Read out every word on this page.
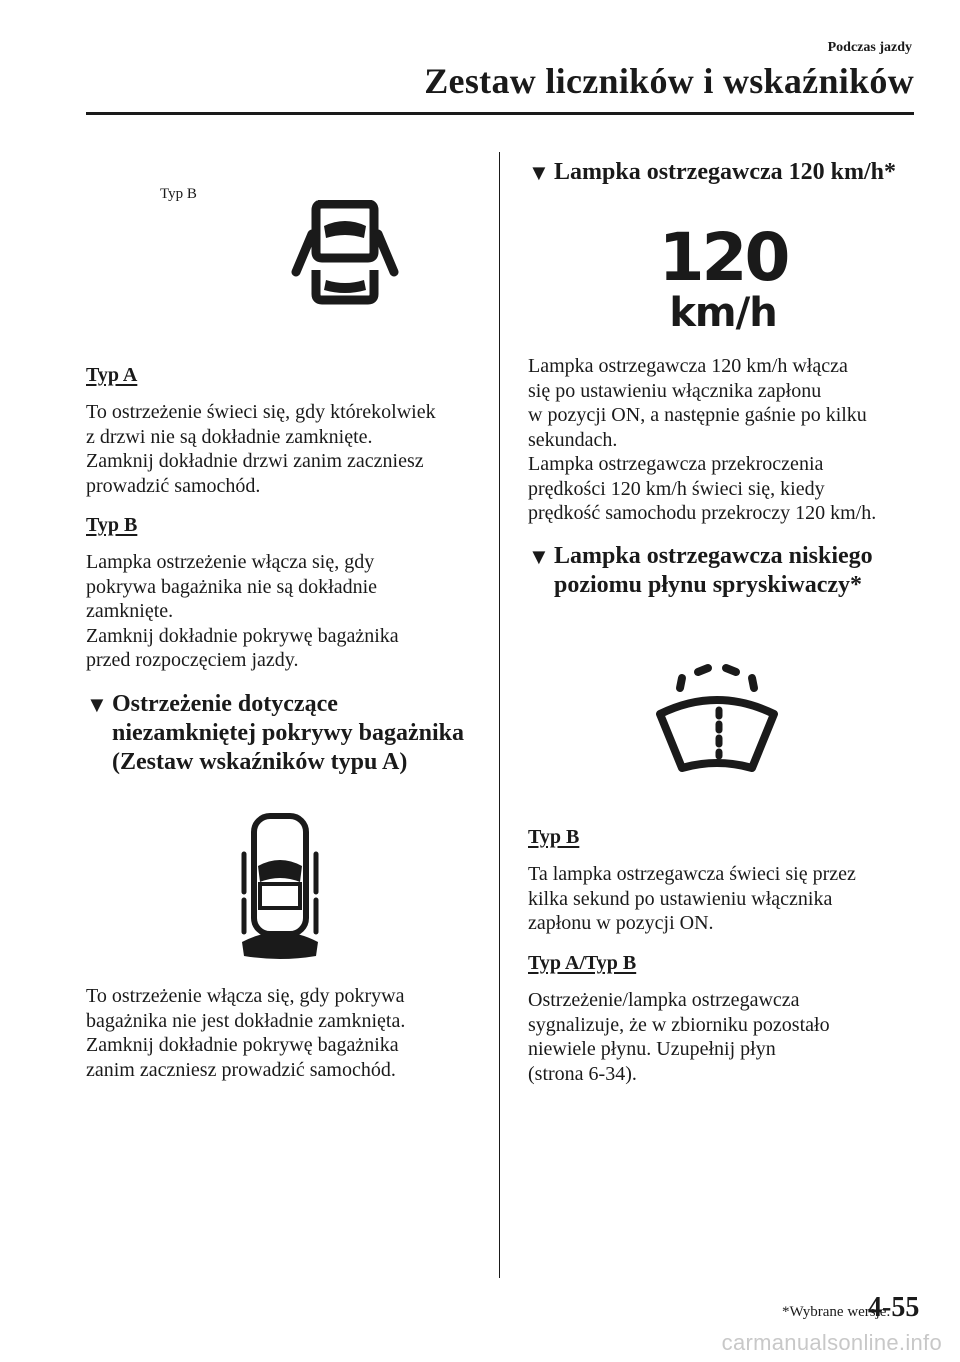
Podczas jazdy
Zestaw liczników i wskaźników
Typ B

Typ A

To ostrzeżenie świeci się, gdy którekolwiek
z drzwi nie są dokładnie zamknięte.
Zamknij dokładnie drzwi zanim zaczniesz
prowadzić samochód.

Typ B

Lampka ostrzeżenie włącza się, gdy
pokrywa bagażnika nie są dokładnie
zamknięte.
Zamknij dokładnie pokrywę bagażnika
przed rozpoczęciem jazdy.

▼ Ostrzeżenie dotyczące
niezamkniętej pokrywy bagażnika
(Zestaw wskaźników typu A)

To ostrzeżenie włącza się, gdy pokrywa
bagażnika nie jest dokładnie zamknięta.
Zamknij dokładnie pokrywę bagażnika
zanim zaczniesz prowadzić samochód.

▼ Lampka ostrzegawcza 120 km/h*
120
km/h

Lampka ostrzegawcza 120 km/h włącza
się po ustawieniu włącznika zapłonu
w pozycji ON, a następnie gaśnie po kilku
sekundach.
Lampka ostrzegawcza przekroczenia
prędkości 120 km/h świeci się, kiedy
prędkość samochodu przekroczy 120 km/h.

▼ Lampka ostrzegawcza niskiego
poziomu płynu spryskiwaczy*

Typ B

Ta lampka ostrzegawcza świeci się przez
kilka sekund po ustawieniu włącznika
zapłonu w pozycji ON.

Typ A/Typ B

Ostrzeżenie/lampka ostrzegawcza
sygnalizuje, że w zbiorniku pozostało
niewiele płynu. Uzupełnij płyn
(strona 6-34).

*Wybrane wersje.
4-55
carmanualsonline.info
